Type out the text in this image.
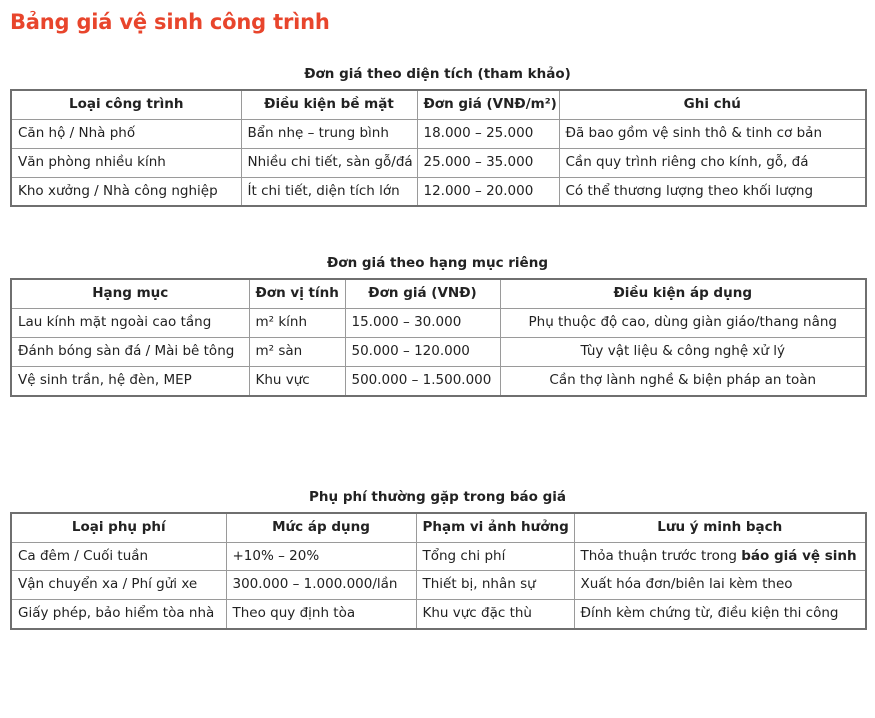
Bảng giá vệ sinh công trình
Đơn giá theo diện tích (tham khảo)
Loại công trình	Điều kiện bề mặt	Đơn giá (VNĐ/m²)	Ghi chú
Căn hộ / Nhà phố	Bẩn nhẹ – trung bình	18.000 – 25.000	Đã bao gồm vệ sinh thô & tinh cơ bản
Văn phòng nhiều kính	Nhiều chi tiết, sàn gỗ/đá	25.000 – 35.000	Cần quy trình riêng cho kính, gỗ, đá
Kho xưởng / Nhà công nghiệp	Ít chi tiết, diện tích lớn	12.000 – 20.000	Có thể thương lượng theo khối lượng
Đơn giá theo hạng mục riêng
Hạng mục	Đơn vị tính	Đơn giá (VNĐ)	Điều kiện áp dụng
Lau kính mặt ngoài cao tầng	m² kính	15.000 – 30.000	Phụ thuộc độ cao, dùng giàn giáo/thang nâng
Đánh bóng sàn đá / Mài bê tông	m² sàn	50.000 – 120.000	Tùy vật liệu & công nghệ xử lý
Vệ sinh trần, hệ đèn, MEP	Khu vực	500.000 – 1.500.000	Cần thợ lành nghề & biện pháp an toàn
Phụ phí thường gặp trong báo giá
Loại phụ phí	Mức áp dụng	Phạm vi ảnh hưởng	Lưu ý minh bạch
Ca đêm / Cuối tuần	+10% – 20%	Tổng chi phí	Thỏa thuận trước trong báo giá vệ sinh
Vận chuyển xa / Phí gửi xe	300.000 – 1.000.000/lần	Thiết bị, nhân sự	Xuất hóa đơn/biên lai kèm theo
Giấy phép, bảo hiểm tòa nhà	Theo quy định tòa	Khu vực đặc thù	Đính kèm chứng từ, điều kiện thi công
